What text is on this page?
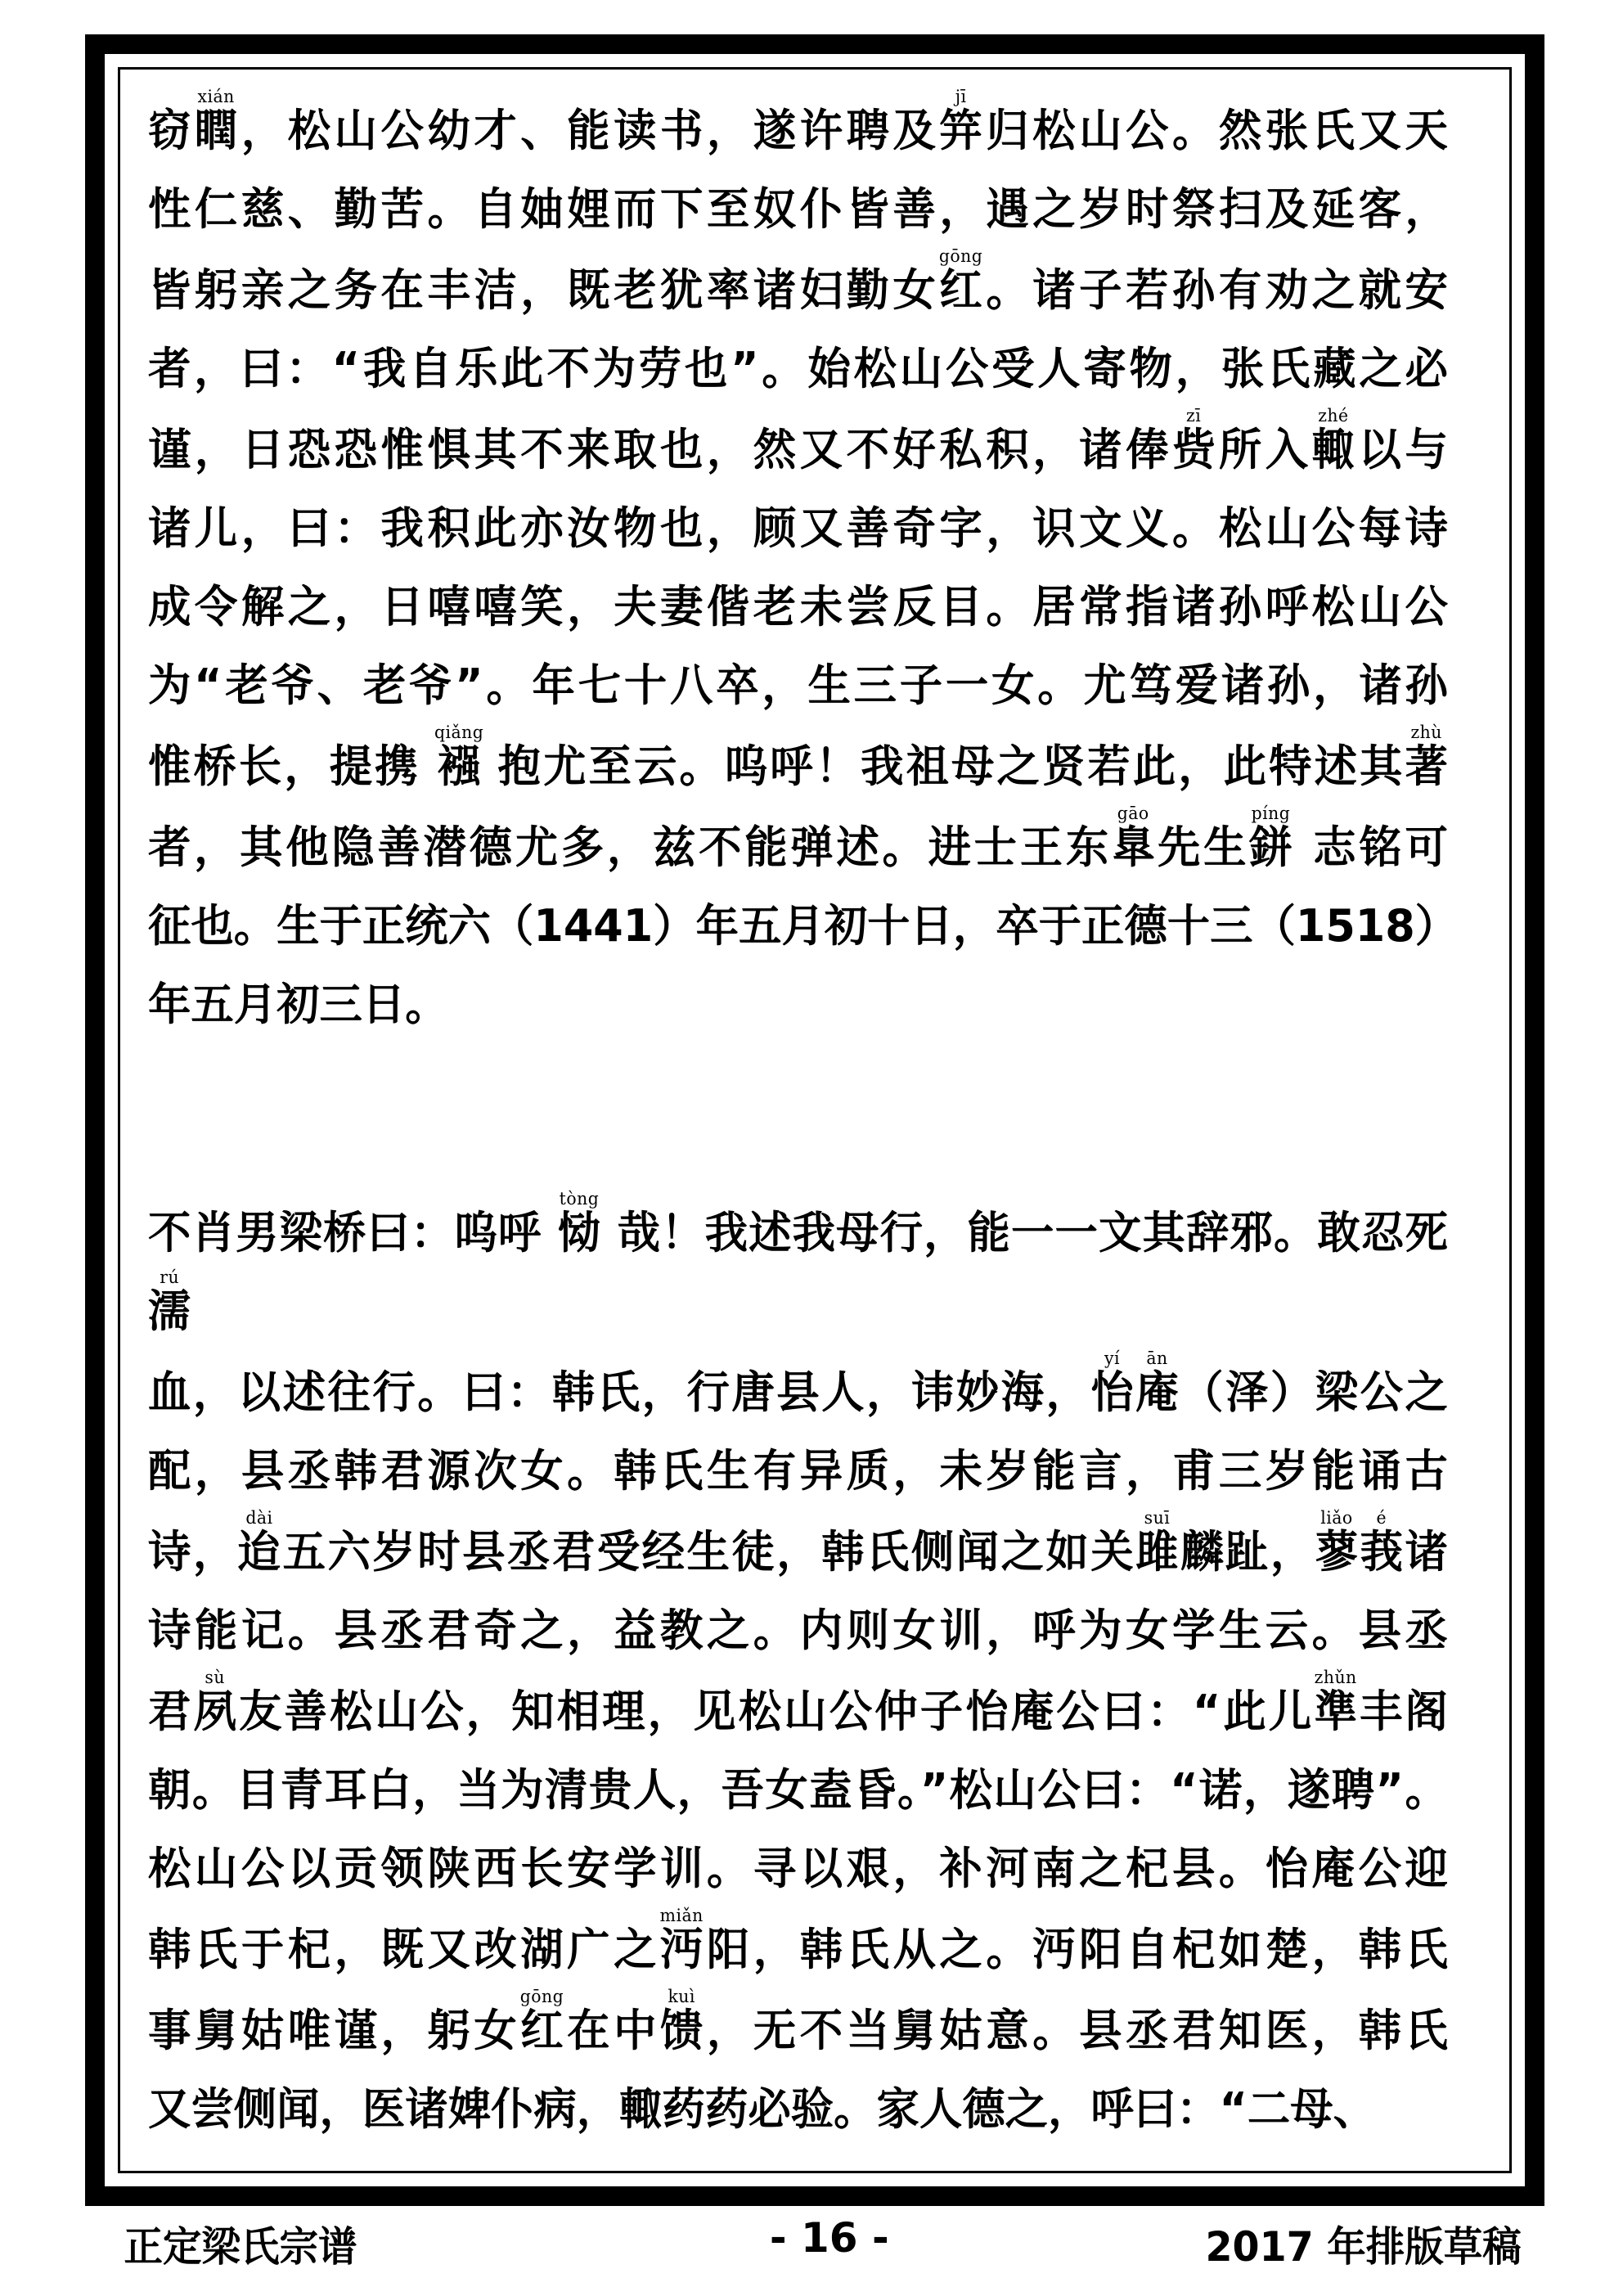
窃瞤xián，松山公幼才、能读书，遂许聘及笄jī归松山公。然张氏又天
性仁慈、勤苦。自妯娌而下至奴仆皆善，遇之岁时祭扫及延客，
皆躬亲之务在丰洁，既老犹率诸妇勤女红gōng。诸子若孙有劝之就安
者，曰：“我自乐此不为劳也”。始松山公受人寄物，张氏藏之必
谨，日恐恐惟惧其不来取也，然又不好私积，诸俸赀zī所入輙zhé以与
诸儿，曰：我积此亦汝物也，顾又善奇字，识文义。松山公每诗
成令解之，日嘻嘻笑，夫妻偕老未尝反目。居常指诸孙呼松山公
为“老爷、老爷”。年七十八卒，生三子一女。尤笃爱诸孙，诸孙
惟桥长，提携 襁qiǎng 抱尤至云。呜呼！我祖母之贤若此，此特述其著zhù
者，其他隐善潜德尤多，兹不能弹述。进士王东臯gāo先生鉼píng 志铭可
征也。生于正统六（1441）年五月初十日，卒于正德十三（1518）
年五月初三日。
不肖男梁桥曰：呜呼 恸tòng 哉！我述我母行，能一一文其辞邪。敢忍死濡rú
血，以述往行。曰：韩氏，行唐县人，讳妙海，怡yí庵ān（泽）梁公之
配，县丞韩君源次女。韩氏生有异质，未岁能言，甫三岁能诵古
诗，迨dài五六岁时县丞君受经生徒，韩氏侧闻之如关雎suī麟趾，蓼liǎo莪é诸
诗能记。县丞君奇之，益教之。内则女训，呼为女学生云。县丞
君夙sù友善松山公，知相理，见松山公仲子怡庵公曰：“此儿準zhǔn丰阁
朝。目青耳白，当为清贵人，吾女盍昏。”松山公曰：“诺，遂聘”。
松山公以贡领陕西长安学训。寻以艰，补河南之杞县。怡庵公迎
韩氏于杞，既又改湖广之沔miǎn阳，韩氏从之。沔阳自杞如楚，韩氏
事舅姑唯谨，躬女红gōng在中馈kuì，无不当舅姑意。县丞君知医，韩氏
又尝侧闻，医诸婢仆病，輙药药必验。家人德之，呼曰：“二母、
正定梁氏宗谱	- 16 -	2017 年排版草稿
